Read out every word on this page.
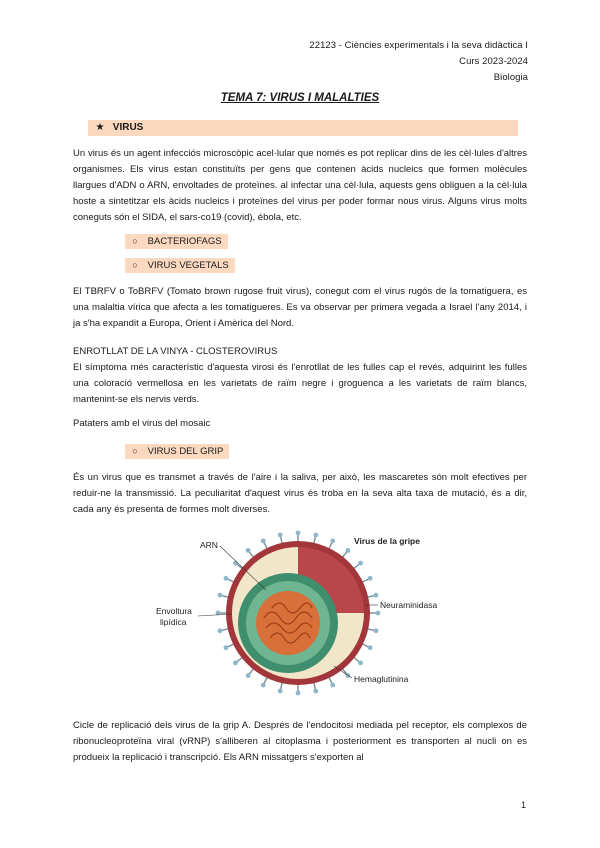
22123 - Ciències experimentals i la seva didàctica I
Curs 2023-2024
Biologia
TEMA 7: VIRUS I MALALTIES
★ VIRUS

Un virus és un agent infecciós microscòpic acel·lular que només es pot replicar dins de les cèl·lules d'altres organismes. Els virus estan constituïts per gens que contenen àcids nucleics que formen molècules llargues d'ADN o ARN, envoltades de proteïnes. al infectar una cèl·lula, aquests gens obliguen a la cèl·lula hoste a sintetitzar els àcids nucleics i proteïnes del virus per poder formar nous virus. Alguns virus molts coneguts són el SIDA, el sars-co19 (covid), ébola, etc.

○ BACTERIOFAGS
○ VIRUS VEGETALS

El TBRFV o ToBRFV (Tomato brown rugose fruit virus), conegut com el virus rugós de la tomatiguera, es una malaltia vírica que afecta a les tomatigueres. Es va observar per primera vegada a Israel l'any 2014, i ja s'ha expandit a Europa, Orient i Amèrica del Nord.

ENROTLLAT DE LA VINYA - CLOSTEROVIRUS

El símptoma més característic d'aquesta virosi és l'enrotllat de les fulles cap el revés, adquirint les fulles una coloració vermellosa en les varietats de raïm negre i groguenca a les varietats de raïm blancs, mantenint-se els nervis verds.

Pataters amb el virus del mosaic

○ VIRUS DEL GRIP

És un virus que es transmet a través de l'aire i la saliva, per això, les mascaretes són molt efectives per reduir-ne la transmissió. La peculiaritat d'aquest virus és troba en la seva alta taxa de mutació, és a dir, cada any és presenta de formes molt diverses.

Virus de la gripe
ARN
Envoltura
lipídica
Neuraminidasa
Hemaglutinina

Cicle de replicació dels virus de la grip A. Després de l'endocitosi mediada pel receptor, els complexos de ribonucleoproteïna viral (vRNP) s'alliberen al citoplasma i posteriorment es transporten al nucli on es produeix la replicació i transcripció. Els ARN missatgers s'exporten al

1
